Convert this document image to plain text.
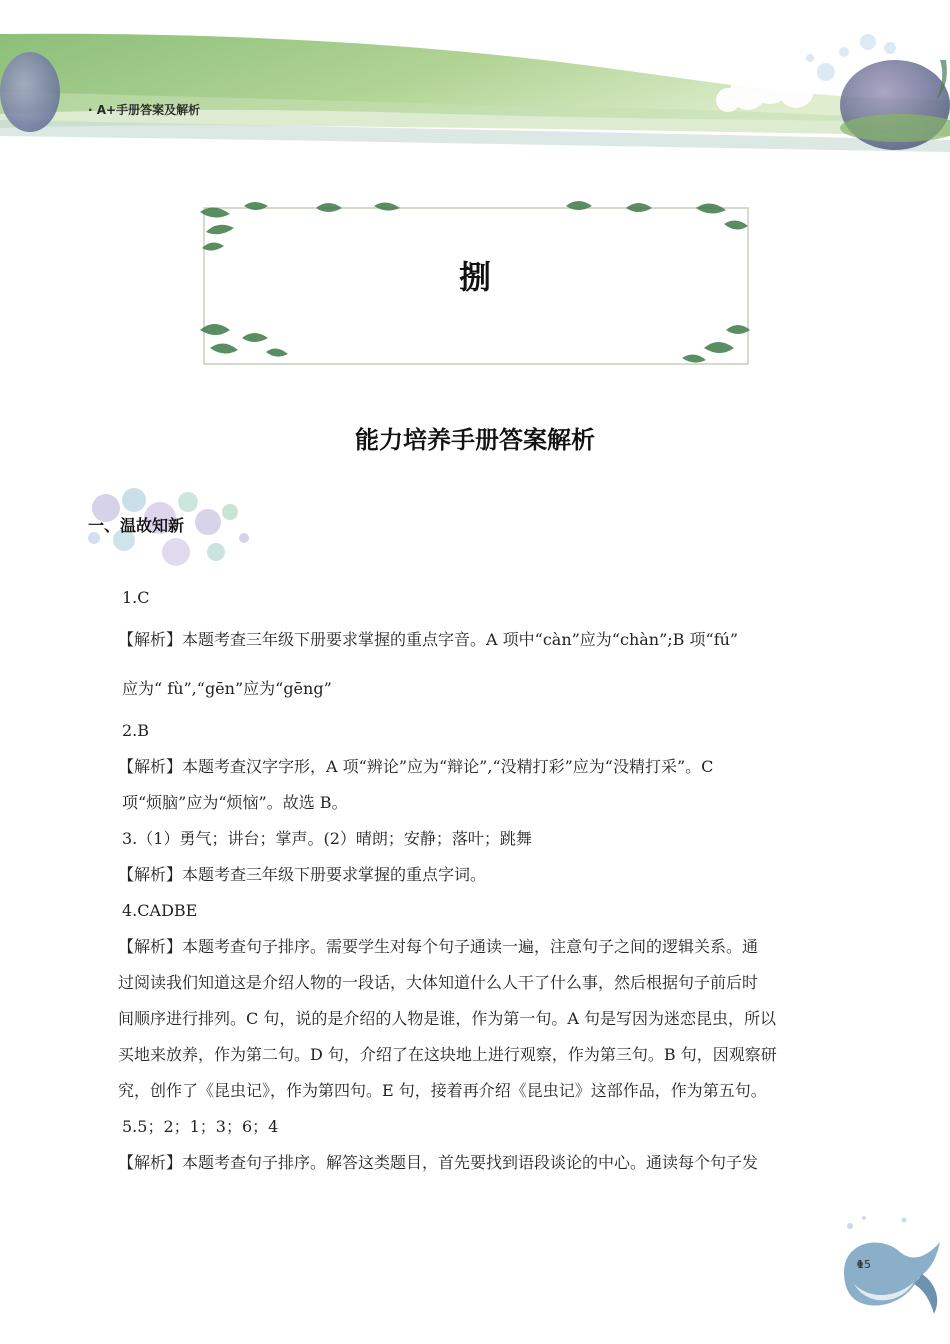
· A+手册答案及解析
捌
能力培养手册答案解析
一、温故知新
1.C
【解析】本题考查三年级下册要求掌握的重点字音。A 项中“càn”应为“chàn”;B 项“fú”
应为“ fù”,“gēn”应为“gēng”
2.B
【解析】本题考查汉字字形，A 项“辨论”应为“辩论”,“没精打彩”应为“没精打采”。C
项“烦脑”应为“烦恼”。故选 B。
3.（1）勇气；讲台；掌声。(2）晴朗；安静；落叶；跳舞
【解析】本题考查三年级下册要求掌握的重点字词。
4.CADBE
【解析】本题考查句子排序。需要学生对每个句子通读一遍，注意句子之间的逻辑关系。通
过阅读我们知道这是介绍人物的一段话，大体知道什么人干了什么事，然后根据句子前后时
间顺序进行排列。C 句，说的是介绍的人物是谁，作为第一句。A 句是写因为迷恋昆虫，所以
买地来放养，作为第二句。D 句，介绍了在这块地上进行观察，作为第三句。B 句，因观察研
究，创作了《昆虫记》，作为第四句。E 句，接着再介绍《昆虫记》这部作品，作为第五句。
5.5；2；1；3；6；4
【解析】本题考查句子排序。解答这类题目，首先要找到语段谈论的中心。通读每个句子发
15
